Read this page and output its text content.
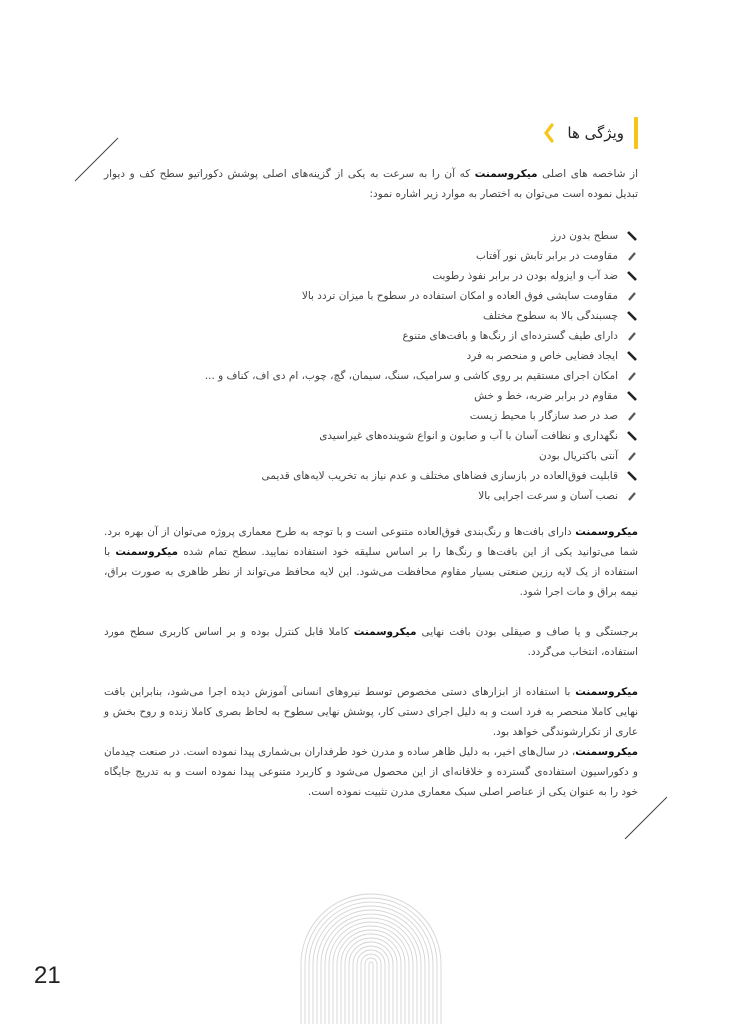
ویژگی ها
از شاخصه های اصلی میکروسمنت که آن را به سرعت به یکی از گزینه‌های اصلی پوشش دکوراتیو سطح کف و دیوار تبدیل نموده است می‌توان به اختصار به موارد زیر اشاره نمود:
سطح بدون درز
مقاومت در برابر تابش نور آفتاب
ضد آب و ایزوله بودن در برابر نفوذ رطوبت
مقاومت سایشی فوق العاده و امکان استفاده در سطوح با میزان تردد بالا
چسبندگی بالا به سطوح مختلف
دارای طیف گسترده‌ای از رنگ‌ها و بافت‌های متنوع
ایجاد فضایی خاص و منحصر به فرد
امکان اجرای مستقیم بر روی کاشی و سرامیک، سنگ، سیمان، گچ، چوب، ام دی اف، کناف و ...
مقاوم در برابر ضربه، خط و خش
صد در صد سازگار با محیط زیست
نگهداری و نظافت آسان با آب و صابون و انواع شوینده‌های غیراسیدی
آنتی باکتریال بودن
قابلیت فوق‌العاده در بازسازی فضاهای مختلف و عدم نیاز به تخریب لایه‌های قدیمی
نصب آسان و سرعت اجرایی بالا
میکروسمنت دارای بافت‌ها و رنگ‌بندی فوق‌العاده متنوعی است و با توجه به طرح معماری پروژه می‌توان از آن بهره برد. شما می‌توانید یکی از این بافت‌ها و رنگ‌ها را بر اساس سلیقه خود استفاده نمایید. سطح تمام شده میکروسمنت با استفاده از یک لایه رزین صنعتی بسیار مقاوم محافظت می‌شود. این لایه محافظ می‌تواند از نظر ظاهری به صورت براق، نیمه براق و مات اجرا شود.
برجستگی و یا صاف و صیقلی بودن بافت نهایی میکروسمنت کاملا قابل کنترل بوده و بر اساس کاربری سطح مورد استفاده، انتخاب می‌گردد.
میکروسمنت با استفاده از ابزارهای دستی مخصوص توسط نیروهای انسانی آموزش دیده اجرا می‌شود، بنابراین بافت نهایی کاملا منحصر به فرد است و به دلیل اجرای دستی کار، پوشش نهایی سطوح به لحاظ بصری کاملا زنده و روح بخش و عاری از تکرارشوندگی خواهد بود.
میکروسمنت، در سال‌های اخیر، به دلیل ظاهر ساده و مدرن خود طرفداران بی‌شماری پیدا نموده است. در صنعت چیدمان و دکوراسیون استفاده‌ی گسترده و خلاقانه‌ای از این محصول می‌شود و کاربرد متنوعی پیدا نموده است و به تدریج جایگاه خود را به عنوان یکی از عناصر اصلی سبک معماری مدرن تثبیت نموده است.
21
